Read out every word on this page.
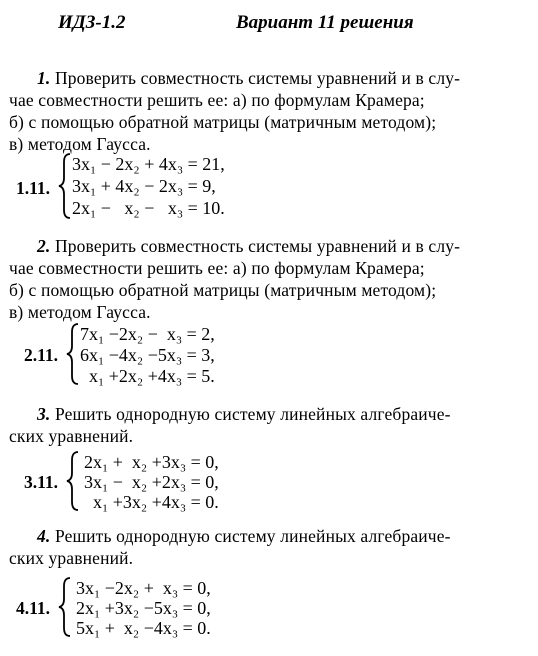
ИДЗ-1.2	Вариант 11 решения
1. Проверить совместность системы уравнений и в слу-
чае совместности решить ее: а) по формулам Крамера;
б) с помощью обратной матрицы (матричным методом);
в) методом Гаусса.
1.11.
3x₁ − 2x₂ + 4x₃ = 21,
3x₁ + 4x₂ − 2x₃ = 9,
2x₁ −   x₂ −   x₃ = 10.
2. Проверить совместность системы уравнений и в слу-
чае совместности решить ее: а) по формулам Крамера;
б) с помощью обратной матрицы (матричным методом);
в) методом Гаусса.
2.11.
7x₁ −2x₂ −  x₃ = 2,
6x₁ −4x₂ −5x₃ = 3,
x₁ +2x₂ +4x₃ = 5.
3. Решить однородную систему линейных алгебраиче-
ских уравнений.
3.11.
2x₁ +  x₂ +3x₃ = 0,
3x₁ −  x₂ +2x₃ = 0,
x₁ +3x₂ +4x₃ = 0.
4. Решить однородную систему линейных алгебраиче-
ских уравнений.
4.11.
3x₁ −2x₂ +  x₃ = 0,
2x₁ +3x₂ −5x₃ = 0,
5x₁ +  x₂ −4x₃ = 0.
